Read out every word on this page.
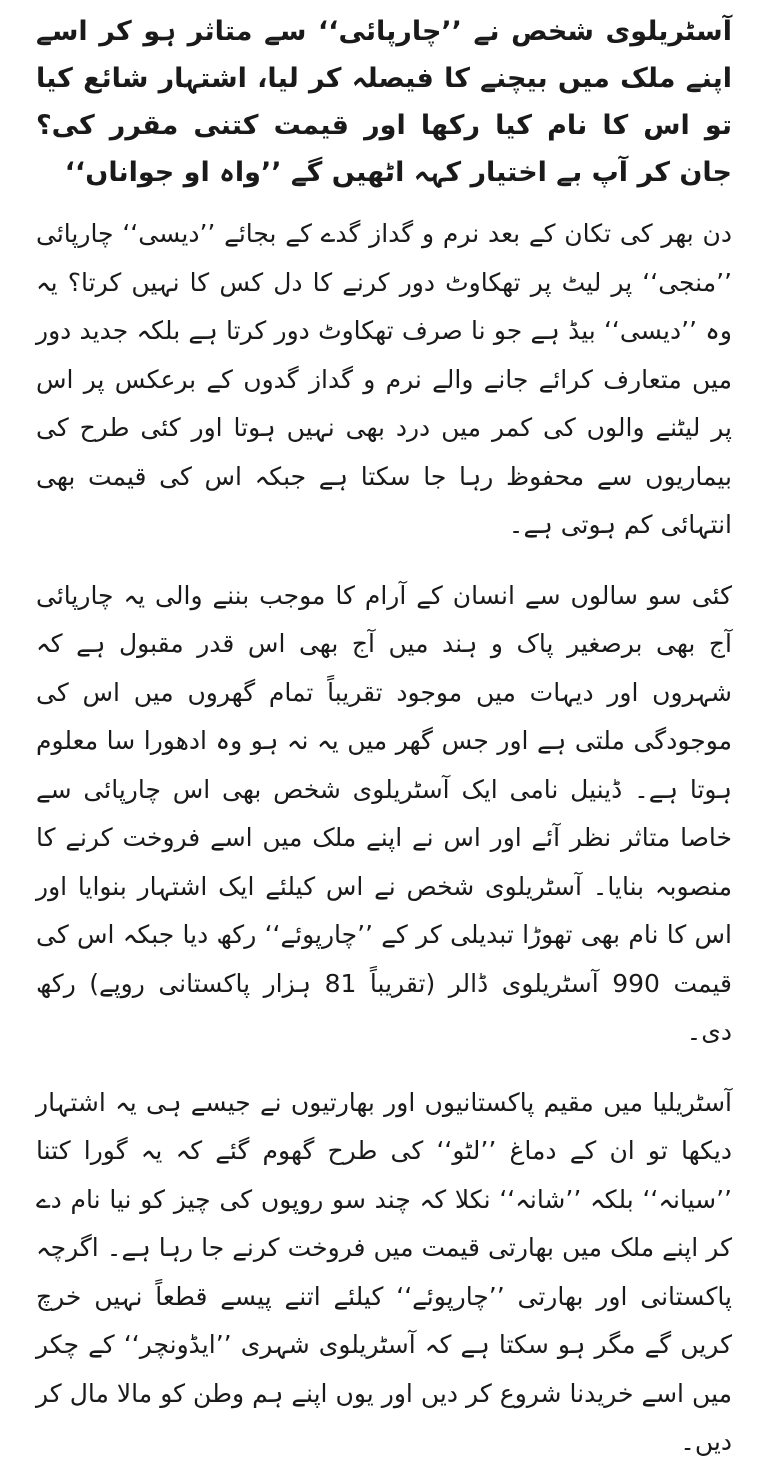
آسٹریلوی شخص نے ’’چارپائی‘‘ سے متاثر ہو کر اسے اپنے ملک میں بیچنے کا فیصلہ کر لیا، اشتہار شائع کیا تو اس کا نام کیا رکھا اور قیمت کتنی مقرر کی؟ جان کر آپ بے اختیار کہہ اٹھیں گے ’’واہ او جواناں‘‘

دن بھر کی تکان کے بعد نرم و گداز گدے کے بجائے ’’دیسی‘‘ چارپائی ’’منجی‘‘ پر لیٹ پر تھکاوٹ دور کرنے کا دل کس کا نہیں کرتا؟ یہ وہ ’’دیسی‘‘ بیڈ ہے جو نا صرف تھکاوٹ دور کرتا ہے بلکہ جدید دور میں متعارف کرائے جانے والے نرم و گداز گدوں کے برعکس پر اس پر لیٹنے والوں کی کمر میں درد بھی نہیں ہوتا اور کئی طرح کی بیماریوں سے محفوظ رہا جا سکتا ہے جبکہ اس کی قیمت بھی انتہائی کم ہوتی ہے۔

کئی سو سالوں سے انسان کے آرام کا موجب بننے والی یہ چارپائی آج بھی برصغیر پاک و ہند میں آج بھی اس قدر مقبول ہے کہ شہروں اور دیہات میں موجود تقریباً تمام گھروں میں اس کی موجودگی ملتی ہے اور جس گھر میں یہ نہ ہو وہ ادھورا سا معلوم ہوتا ہے۔ ڈینیل نامی ایک آسٹریلوی شخص بھی اس چارپائی سے خاصا متاثر نظر آئے اور اس نے اپنے ملک میں اسے فروخت کرنے کا منصوبہ بنایا۔ آسٹریلوی شخص نے اس کیلئے ایک اشتہار بنوایا اور اس کا نام بھی تھوڑا تبدیلی کر کے ’’چارپوئے‘‘ رکھ دیا جبکہ اس کی قیمت 990 آسٹریلوی ڈالر (تقریباً 81 ہزار پاکستانی روپے) رکھ دی۔

آسٹریلیا میں مقیم پاکستانیوں اور بھارتیوں نے جیسے ہی یہ اشتہار دیکھا تو ان کے دماغ ’’لٹو‘‘ کی طرح گھوم گئے کہ یہ گورا کتنا ’’سیانہ‘‘ بلکہ ’’شانہ‘‘ نکلا کہ چند سو روپوں کی چیز کو نیا نام دے کر اپنے ملک میں بھارتی قیمت میں فروخت کرنے جا رہا ہے۔ اگرچہ پاکستانی اور بھارتی ’’چارپوئے‘‘ کیلئے اتنے پیسے قطعاً نہیں خرچ کریں گے مگر ہو سکتا ہے کہ آسٹریلوی شہری ’’ایڈونچر‘‘ کے چکر میں اسے خریدنا شروع کر دیں اور یوں اپنے ہم وطن کو مالا مال کر دیں۔
